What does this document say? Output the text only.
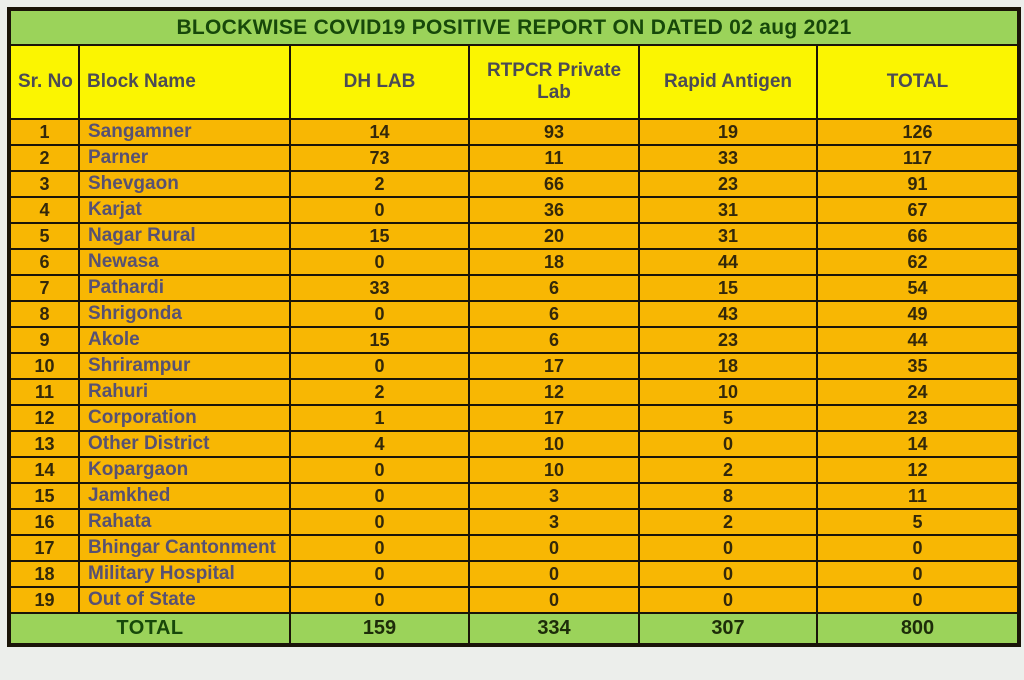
BLOCKWISE COVID19 POSITIVE REPORT ON DATED 02 aug 2021					
Sr. No	Block Name	DH LAB	RTPCR Private Lab	Rapid Antigen	TOTAL
1	Sangamner	14	93	19	126
2	Parner	73	11	33	117
3	Shevgaon	2	66	23	91
4	Karjat	0	36	31	67
5	Nagar Rural	15	20	31	66
6	Newasa	0	18	44	62
7	Pathardi	33	6	15	54
8	Shrigonda	0	6	43	49
9	Akole	15	6	23	44
10	Shrirampur	0	17	18	35
11	Rahuri	2	12	10	24
12	Corporation	1	17	5	23
13	Other District	4	10	0	14
14	Kopargaon	0	10	2	12
15	Jamkhed	0	3	8	11
16	Rahata	0	3	2	5
17	Bhingar Cantonment	0	0	0	0
18	Military Hospital	0	0	0	0
19	Out of State	0	0	0	0
TOTAL		159	334	307	800
